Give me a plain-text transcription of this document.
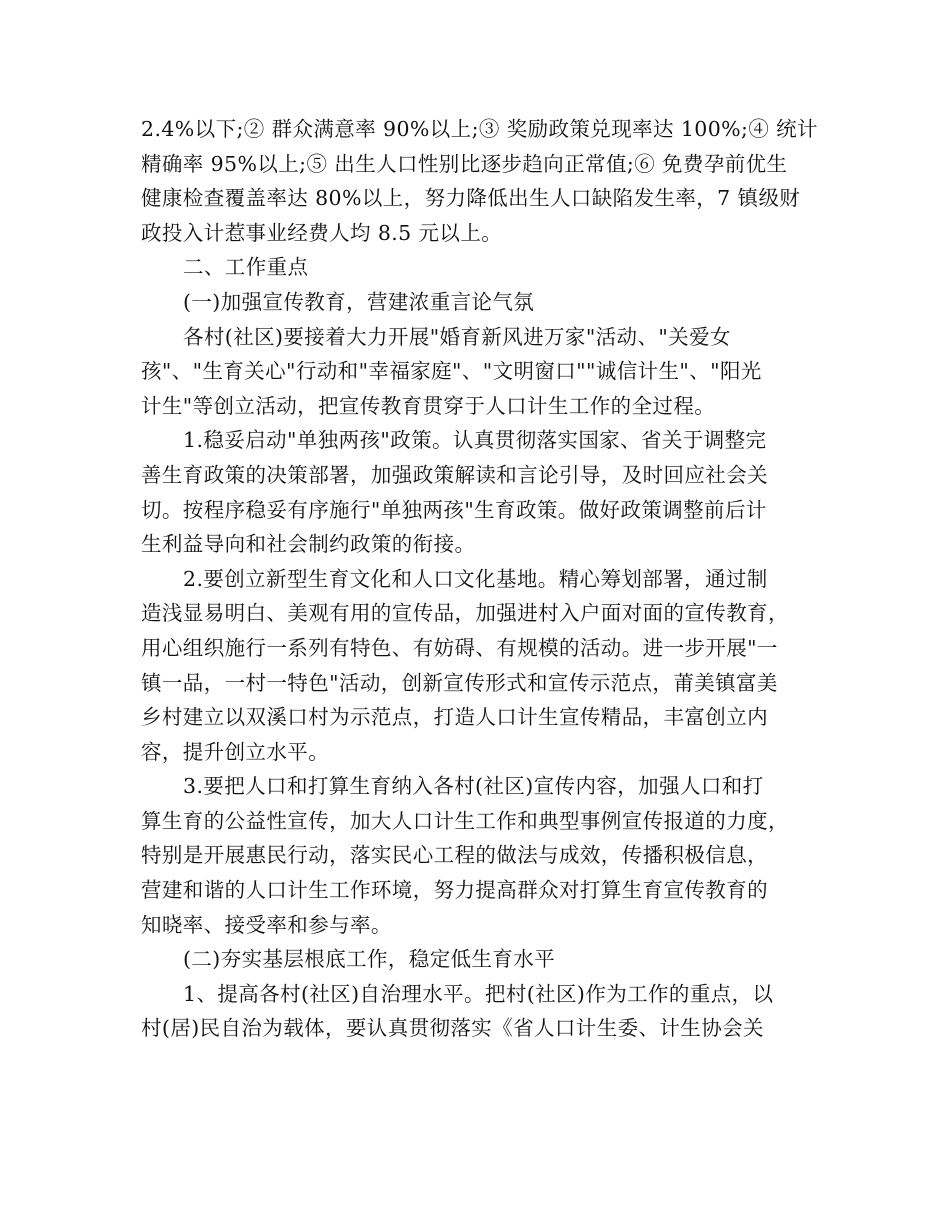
2.4%以下;② 群众满意率 90%以上;③ 奖励政策兑现率达 100%;④ 统计
精确率 95%以上;⑤ 出生人口性别比逐步趋向正常值;⑥ 免费孕前优生
健康检查覆盖率达 80%以上，努力降低出生人口缺陷发生率，7 镇级财
政投入计惹事业经费人均 8.5 元以上。
二、工作重点
(一)加强宣传教育，营建浓重言论气氛
各村(社区)要接着大力开展"婚育新风进万家"活动、"关爱女
孩"、"生育关心"行动和"幸福家庭"、"文明窗口""诚信计生"、"阳光
计生"等创立活动，把宣传教育贯穿于人口计生工作的全过程。
1.稳妥启动"单独两孩"政策。认真贯彻落实国家、省关于调整完
善生育政策的决策部署，加强政策解读和言论引导，及时回应社会关
切。按程序稳妥有序施行"单独两孩"生育政策。做好政策调整前后计
生利益导向和社会制约政策的衔接。
2.要创立新型生育文化和人口文化基地。精心筹划部署，通过制
造浅显易明白、美观有用的宣传品，加强进村入户面对面的宣传教育，
用心组织施行一系列有特色、有妨碍、有规模的活动。进一步开展"一
镇一品，一村一特色"活动，创新宣传形式和宣传示范点，莆美镇富美
乡村建立以双溪口村为示范点，打造人口计生宣传精品，丰富创立内
容，提升创立水平。
3.要把人口和打算生育纳入各村(社区)宣传内容，加强人口和打
算生育的公益性宣传，加大人口计生工作和典型事例宣传报道的力度，
特别是开展惠民行动，落实民心工程的做法与成效，传播积极信息，
营建和谐的人口计生工作环境，努力提高群众对打算生育宣传教育的
知晓率、接受率和参与率。
(二)夯实基层根底工作，稳定低生育水平
1、提高各村(社区)自治理水平。把村(社区)作为工作的重点，以
村(居)民自治为载体，要认真贯彻落实《省人口计生委、计生协会关
